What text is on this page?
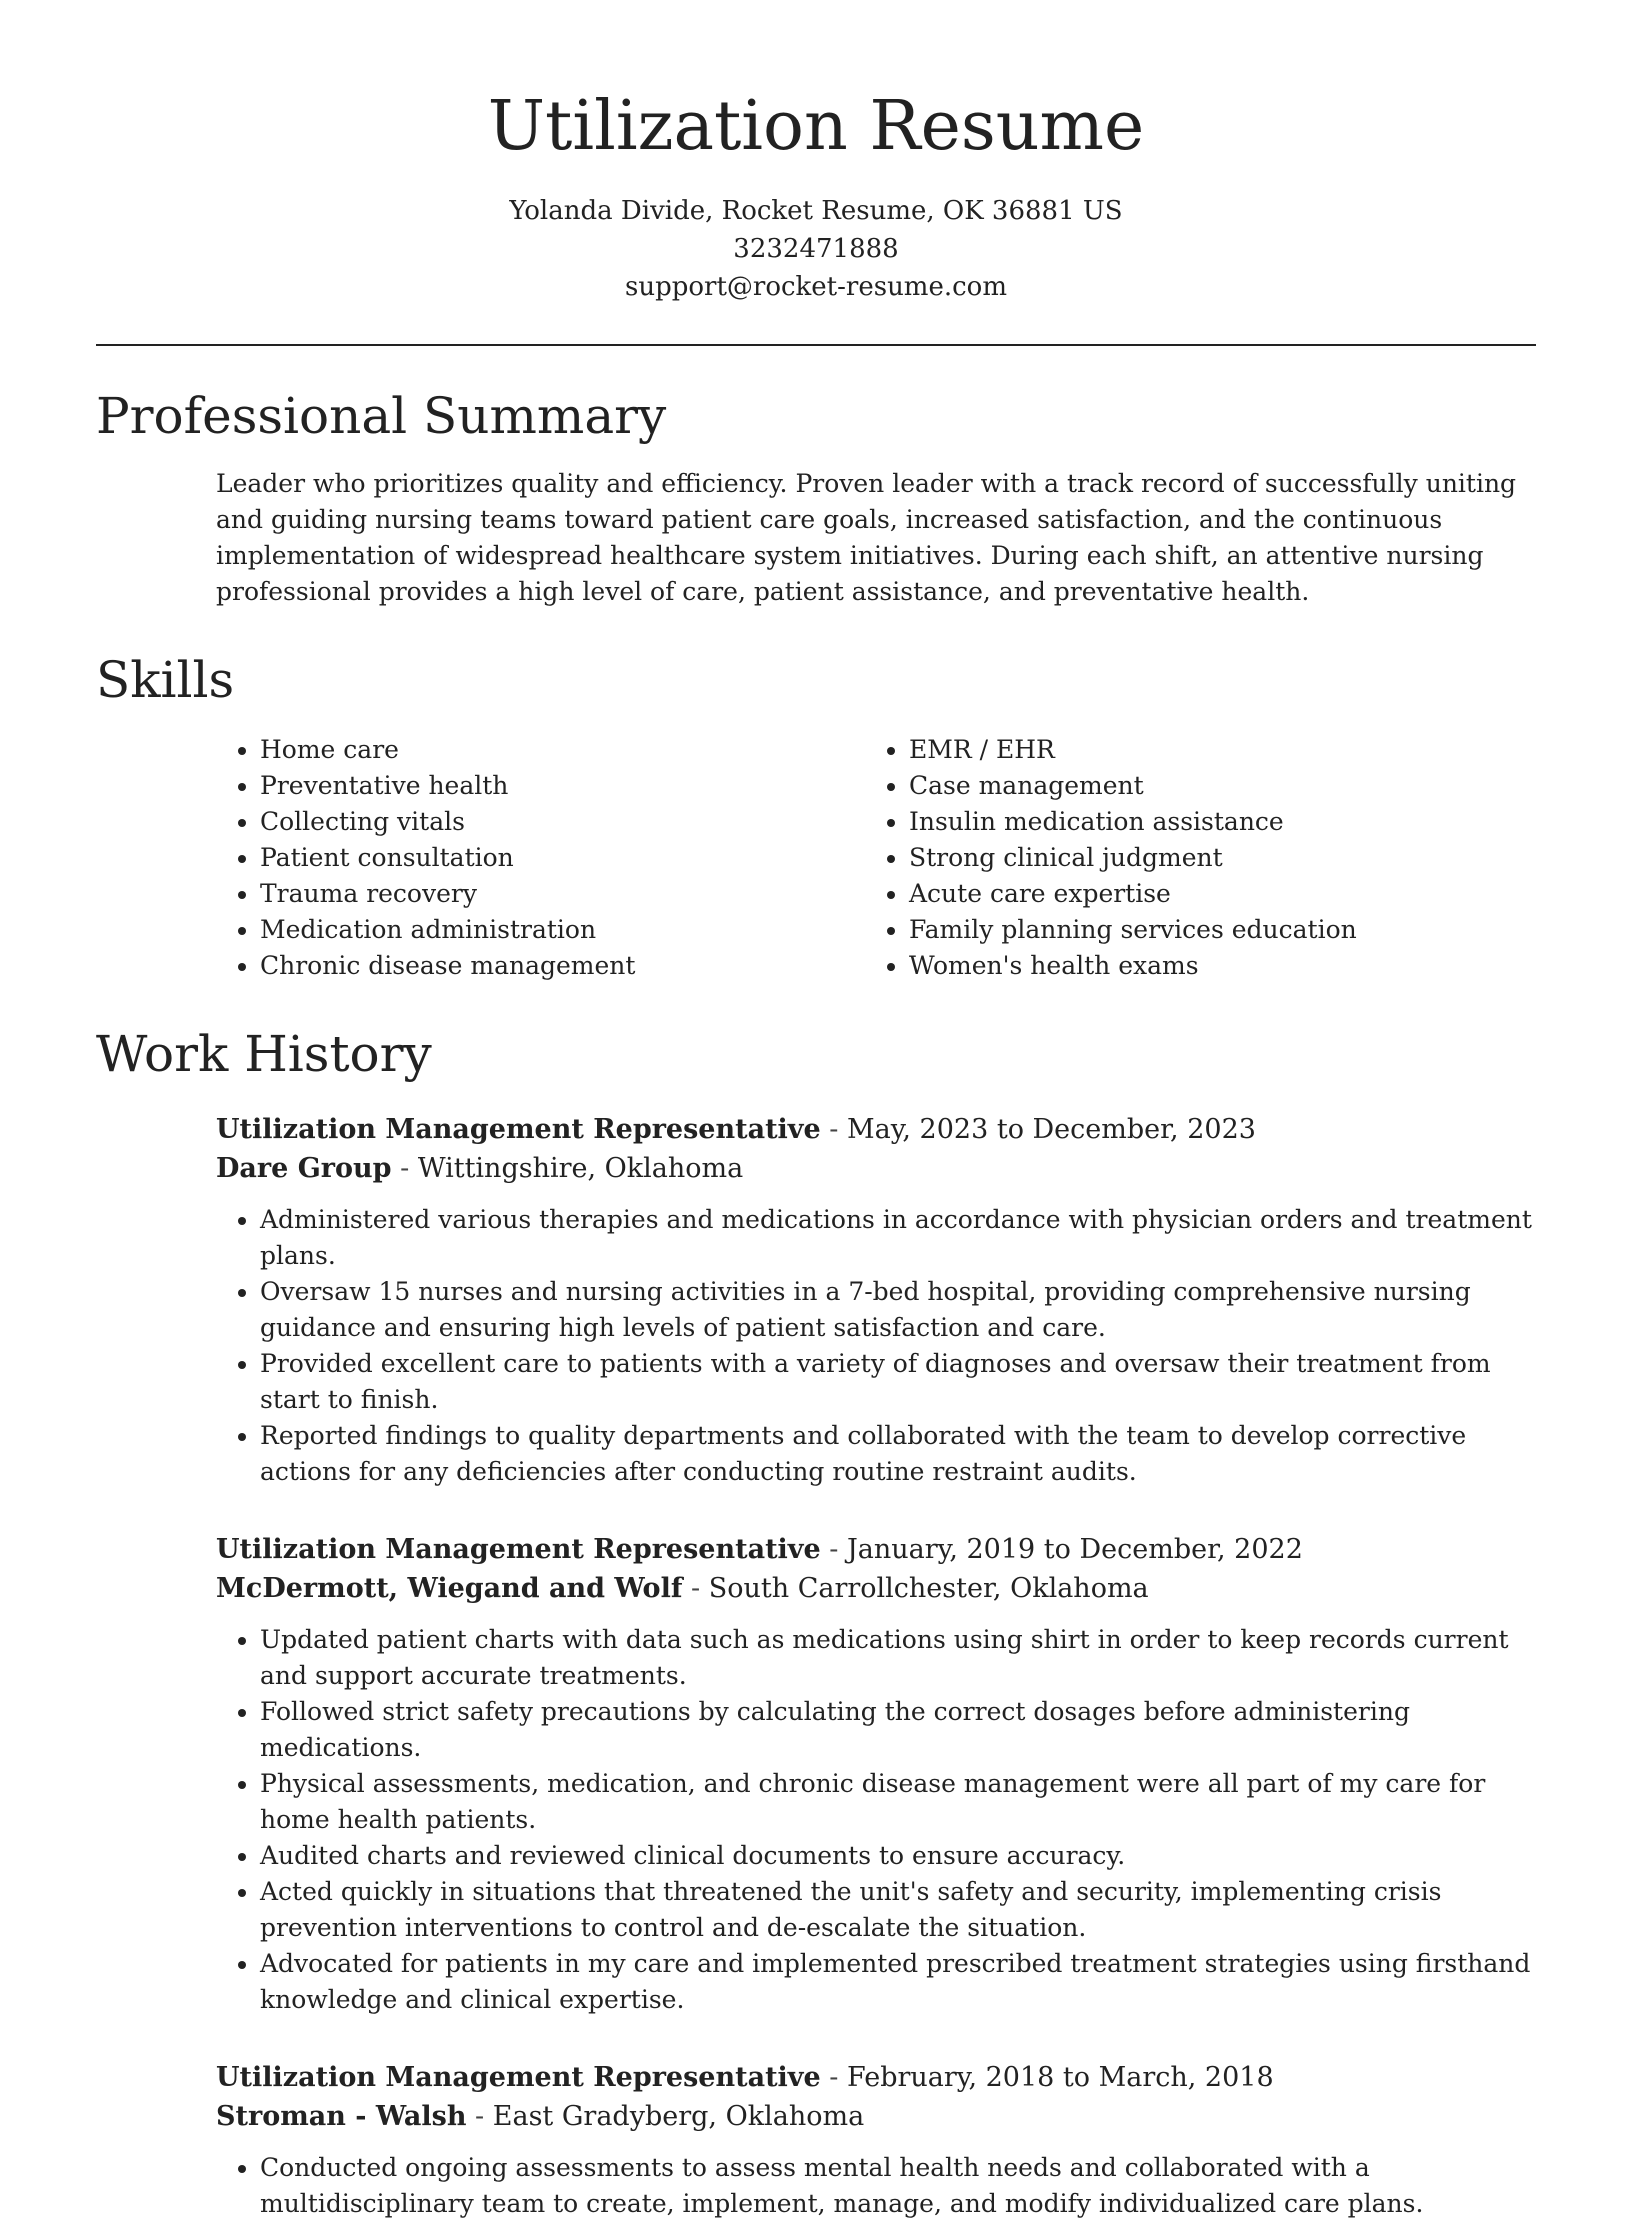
Utilization Resume
Yolanda Divide, Rocket Resume, OK 36881 US
3232471888
support@rocket-resume.com
Professional Summary
Leader who prioritizes quality and efficiency. Proven leader with a track record of successfully uniting and guiding nursing teams toward patient care goals, increased satisfaction, and the continuous implementation of widespread healthcare system initiatives. During each shift, an attentive nursing professional provides a high level of care, patient assistance, and preventative health.
Skills
• Home care
• Preventative health
• Collecting vitals
• Patient consultation
• Trauma recovery
• Medication administration
• Chronic disease management
• EMR / EHR
• Case management
• Insulin medication assistance
• Strong clinical judgment
• Acute care expertise
• Family planning services education
• Women's health exams
Work History
Utilization Management Representative - May, 2023 to December, 2023
Dare Group - Wittingshire, Oklahoma
• Administered various therapies and medications in accordance with physician orders and treatment plans.
• Oversaw 15 nurses and nursing activities in a 7-bed hospital, providing comprehensive nursing guidance and ensuring high levels of patient satisfaction and care.
• Provided excellent care to patients with a variety of diagnoses and oversaw their treatment from start to finish.
• Reported findings to quality departments and collaborated with the team to develop corrective actions for any deficiencies after conducting routine restraint audits.
Utilization Management Representative - January, 2019 to December, 2022
McDermott, Wiegand and Wolf - South Carrollchester, Oklahoma
• Updated patient charts with data such as medications using shirt in order to keep records current and support accurate treatments.
• Followed strict safety precautions by calculating the correct dosages before administering medications.
• Physical assessments, medication, and chronic disease management were all part of my care for home health patients.
• Audited charts and reviewed clinical documents to ensure accuracy.
• Acted quickly in situations that threatened the unit's safety and security, implementing crisis prevention interventions to control and de-escalate the situation.
• Advocated for patients in my care and implemented prescribed treatment strategies using firsthand knowledge and clinical expertise.
Utilization Management Representative - February, 2018 to March, 2018
Stroman - Walsh - East Gradyberg, Oklahoma
• Conducted ongoing assessments to assess mental health needs and collaborated with a multidisciplinary team to create, implement, manage, and modify individualized care plans.
